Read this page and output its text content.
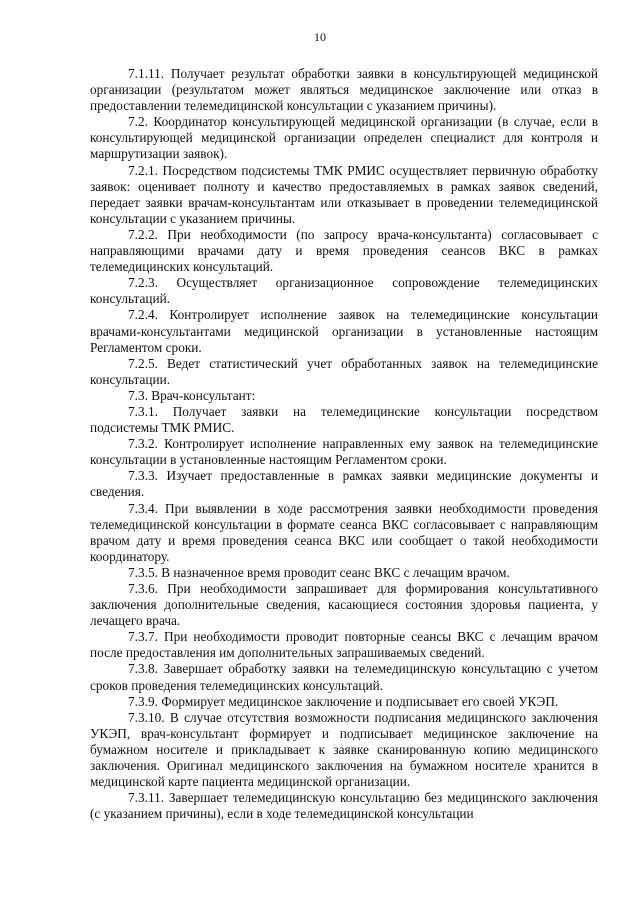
10

7.1.11. Получает результат обработки заявки в консультирующей медицинской организации (результатом может являться медицинское заключение или отказ в предоставлении телемедицинской консультации с указанием причины).

7.2. Координатор консультирующей медицинской организации (в случае, если в консультирующей медицинской организации определен специалист для контроля и маршрутизации заявок).

7.2.1. Посредством подсистемы ТМК РМИС осуществляет первичную обработку заявок: оценивает полноту и качество предоставляемых в рамках заявок сведений, передает заявки врачам-консультантам или отказывает в проведении телемедицинской консультации с указанием причины.

7.2.2. При необходимости (по запросу врача-консультанта) согласовывает с направляющими врачами дату и время проведения сеансов ВКС в рамках телемедицинских консультаций.

7.2.3. Осуществляет организационное сопровождение телемедицинских консультаций.

7.2.4. Контролирует исполнение заявок на телемедицинские консультации врачами-консультантами медицинской организации в установленные настоящим Регламентом сроки.

7.2.5. Ведет статистический учет обработанных заявок на телемедицинские консультации.

7.3. Врач-консультант:

7.3.1. Получает заявки на телемедицинские консультации посредством подсистемы ТМК РМИС.

7.3.2. Контролирует исполнение направленных ему заявок на телемедицинские консультации в установленные настоящим Регламентом сроки.

7.3.3. Изучает предоставленные в рамках заявки медицинские документы и сведения.

7.3.4. При выявлении в ходе рассмотрения заявки необходимости проведения телемедицинской консультации в формате сеанса ВКС согласовывает с направляющим врачом дату и время проведения сеанса ВКС или сообщает о такой необходимости координатору.

7.3.5. В назначенное время проводит сеанс ВКС с лечащим врачом.

7.3.6. При необходимости запрашивает для формирования консультативного заключения дополнительные сведения, касающиеся состояния здоровья пациента, у лечащего врача.

7.3.7. При необходимости проводит повторные сеансы ВКС с лечащим врачом после предоставления им дополнительных запрашиваемых сведений.

7.3.8. Завершает обработку заявки на телемедицинскую консультацию с учетом сроков проведения телемедицинских консультаций.

7.3.9. Формирует медицинское заключение и подписывает его своей УКЭП.

7.3.10. В случае отсутствия возможности подписания медицинского заключения УКЭП, врач-консультант формирует и подписывает медицинское заключение на бумажном носителе и прикладывает к заявке сканированную копию медицинского заключения. Оригинал медицинского заключения на бумажном носителе хранится в медицинской карте пациента медицинской организации.

7.3.11. Завершает телемедицинскую консультацию без медицинского заключения (с указанием причины), если в ходе телемедицинской консультации
